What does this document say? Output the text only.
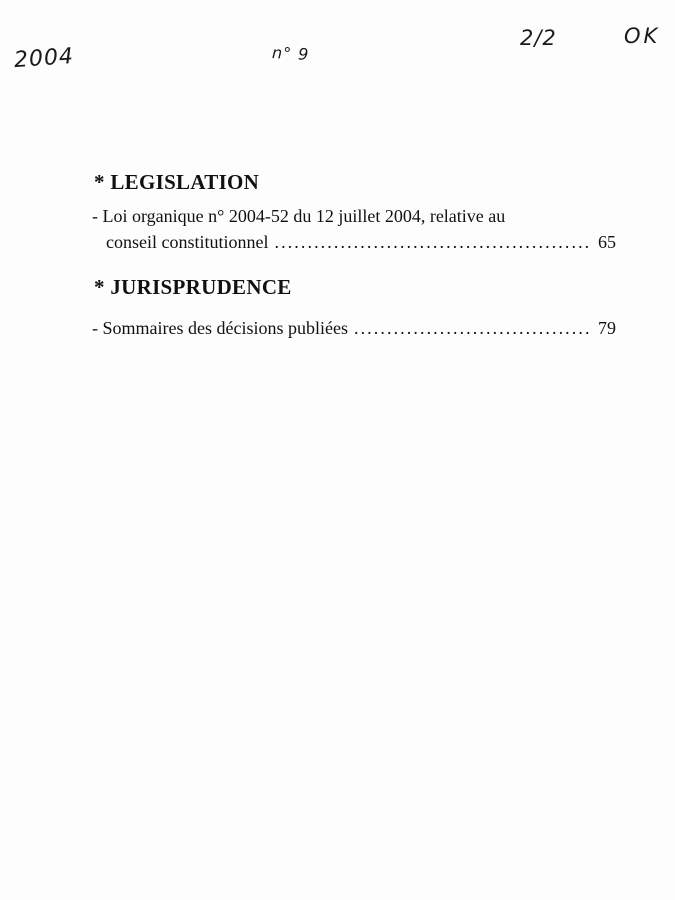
2004	n° 9
2/2	OK
* LEGISLATION
- Loi organique n° 2004-52 du 12 juillet 2004, relative au
conseil constitutionnel . . .	65
* JURISPRUDENCE
- Sommaires des décisions publiées . . .	79
